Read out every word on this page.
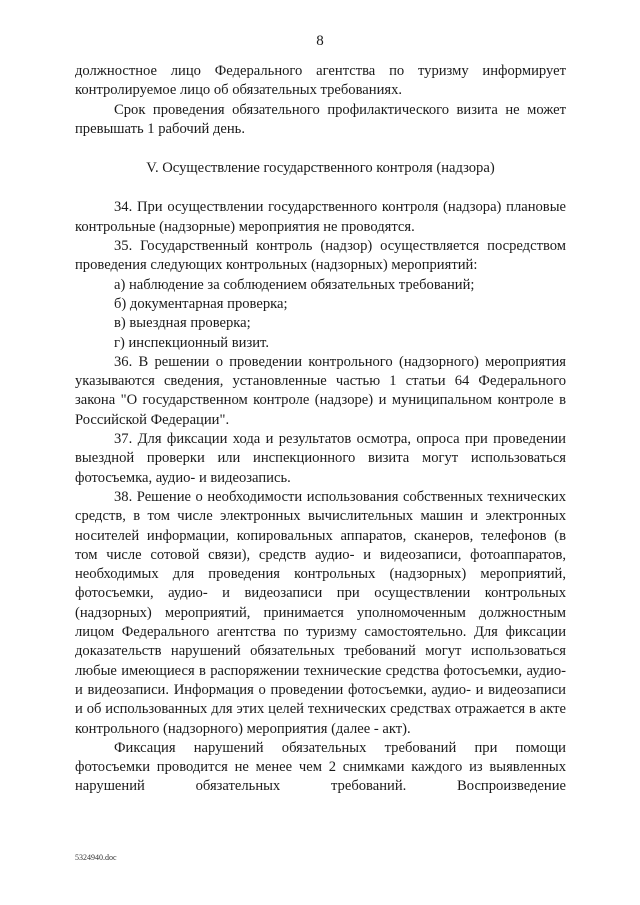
8

должностное лицо Федерального агентства по туризму информирует контролируемое лицо об обязательных требованиях.

Срок проведения обязательного профилактического визита не может превышать 1 рабочий день.

V. Осуществление государственного контроля (надзора)

34. При осуществлении государственного контроля (надзора) плановые контрольные (надзорные) мероприятия не проводятся.

35. Государственный контроль (надзор) осуществляется посредством проведения следующих контрольных (надзорных) мероприятий:

а) наблюдение за соблюдением обязательных требований;

б) документарная проверка;

в) выездная проверка;

г) инспекционный визит.

36. В решении о проведении контрольного (надзорного) мероприятия указываются сведения, установленные частью 1 статьи 64 Федерального закона "О государственном контроле (надзоре) и муниципальном контроле в Российской Федерации".

37. Для фиксации хода и результатов осмотра, опроса при проведении выездной проверки или инспекционного визита могут использоваться фотосъемка, аудио- и видеозапись.

38. Решение о необходимости использования собственных технических средств, в том числе электронных вычислительных машин и электронных носителей информации, копировальных аппаратов, сканеров, телефонов (в том числе сотовой связи), средств аудио- и видеозаписи, фотоаппаратов, необходимых для проведения контрольных (надзорных) мероприятий, фотосъемки, аудио- и видеозаписи при осуществлении контрольных (надзорных) мероприятий, принимается уполномоченным должностным лицом Федерального агентства по туризму самостоятельно. Для фиксации доказательств нарушений обязательных требований могут использоваться любые имеющиеся в распоряжении технические средства фотосъемки, аудио- и видеозаписи. Информация о проведении фотосъемки, аудио- и видеозаписи и об использованных для этих целей технических средствах отражается в акте контрольного (надзорного) мероприятия (далее - акт).

Фиксация нарушений обязательных требований при помощи фотосъемки проводится не менее чем 2 снимками каждого из выявленных нарушений обязательных требований. Воспроизведение

5324940.doc
